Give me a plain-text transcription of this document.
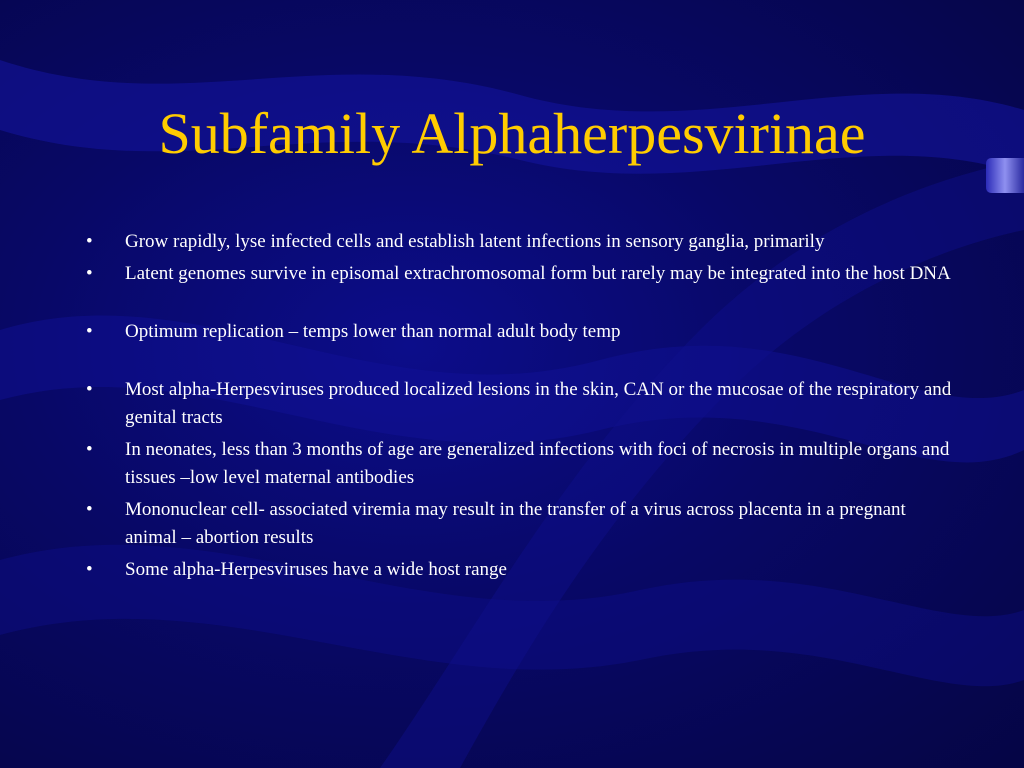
Subfamily Alphaherpesvirinae
• Grow rapidly, lyse infected cells and establish latent infections in sensory ganglia, primarily
• Latent genomes survive in episomal extrachromosomal form but rarely may be integrated into the host DNA
• Optimum replication – temps lower than normal adult body temp
• Most alpha-Herpesviruses produced localized lesions in the skin, CAN or the mucosae of the respiratory and genital tracts
• In neonates, less than 3 months of age are generalized infections with foci of necrosis in multiple organs and tissues –low level maternal antibodies
• Mononuclear cell- associated viremia may result in the transfer of a virus across placenta in a pregnant animal – abortion results
• Some alpha-Herpesviruses have a wide host range
